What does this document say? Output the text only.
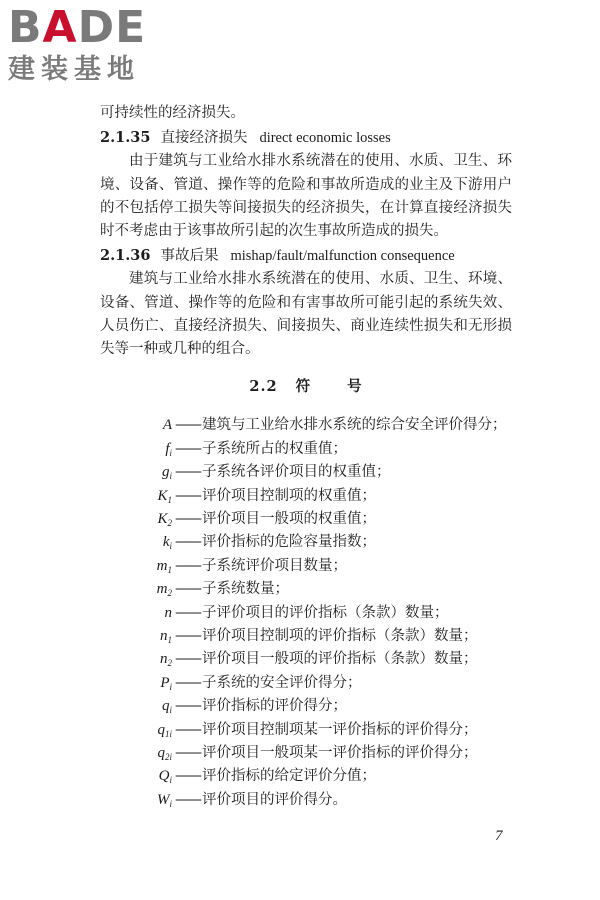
BADE
建装基地

可持续性的经济损失。

2.1.35 直接经济损失 direct economic losses

由于建筑与工业给水排水系统潜在的使用、水质、卫生、环境、设备、管道、操作等的危险和事故所造成的业主及下游用户的不包括停工损失等间接损失的经济损失，在计算直接经济损失时不考虑由于该事故所引起的次生事故所造成的损失。

2.1.36 事故后果 mishap/fault/malfunction consequence

建筑与工业给水排水系统潜在的使用、水质、卫生、环境、设备、管道、操作等的危险和有害事故所可能引起的系统失效、人员伤亡、直接经济损失、间接损失、商业连续性损失和无形损失等一种或几种的组合。

2.2 符 号

A —— 建筑与工业给水排水系统的综合安全评价得分；
$f_i$ —— 子系统所占的权重值；
$g_i$ —— 子系统各评价项目的权重值；
$K_1$ —— 评价项目控制项的权重值；
$K_2$ —— 评价项目一般项的权重值；
$k_i$ —— 评价指标的危险容量指数；
$m_1$ —— 子系统评价项目数量；
$m_2$ —— 子系统数量；
n —— 子评价项目的评价指标（条款）数量；
$n_1$ —— 评价项目控制项的评价指标（条款）数量；
$n_2$ —— 评价项目一般项的评价指标（条款）数量；
$P_i$ —— 子系统的安全评价得分；
$q_i$ —— 评价指标的评价得分；
$q_{1i}$ —— 评价项目控制项某一评价指标的评价得分；
$q_{2i}$ —— 评价项目一般项某一评价指标的评价得分；
$Q_i$ —— 评价指标的给定评价分值；
$W_i$ —— 评价项目的评价得分。
7
